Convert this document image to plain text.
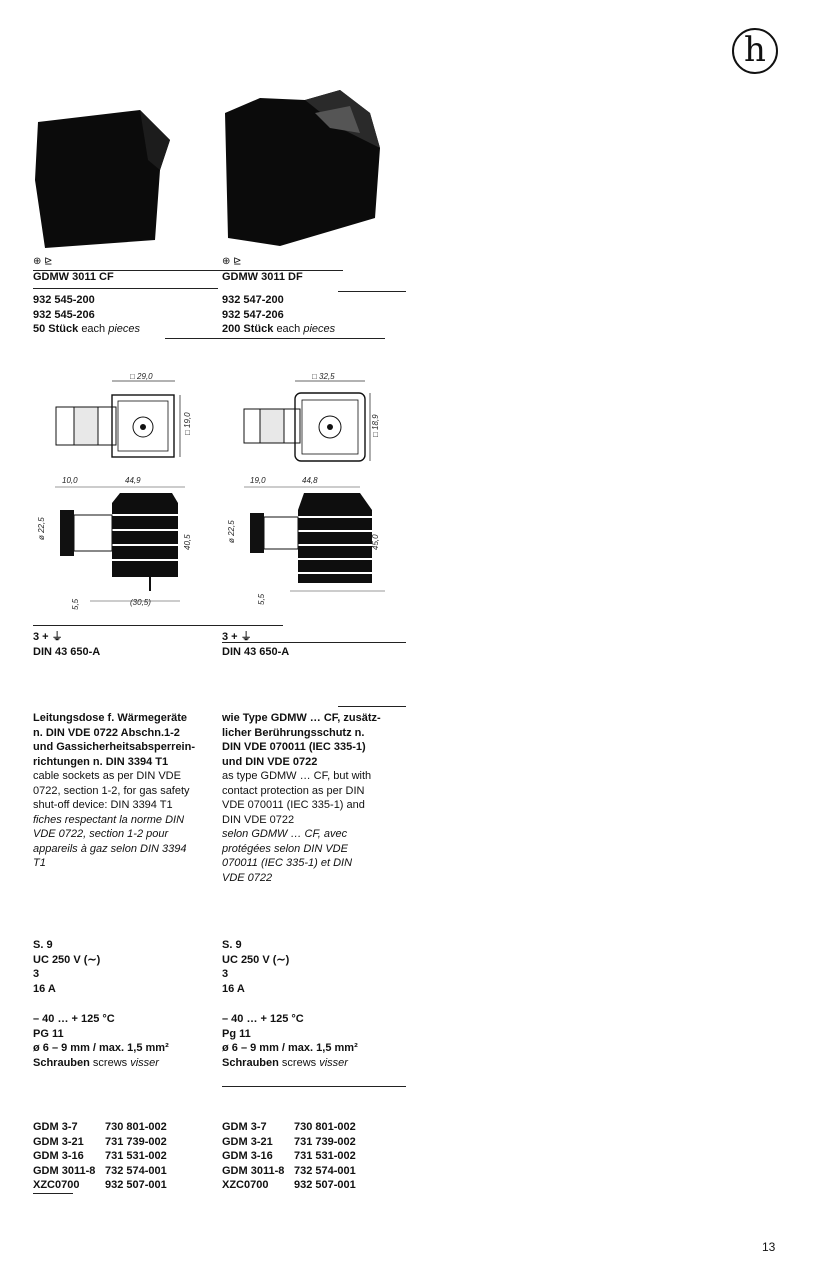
h
⊕ ⊵
GDMW 3011 CF
⊕ ⊵
GDMW 3011 DF
932 545-200
932 545-206
50 Stück each pieces
932 547-200
932 547-206
200 Stück each pieces
□ 29,0
□ 19,0
10,0	44,9
ø 22,5
40,5
5,5	(30,5)
□ 32,5
□ 18,9
19,0	44,8
ø 22,5	45,0
5,5
3 + ⏚
DIN 43 650-A
3 + ⏚
DIN 43 650-A
Leitungsdose f. Wärmegeräte
n. DIN VDE 0722 Abschn.1-2
und Gassicherheitsabsperrein-
richtungen n. DIN 3394 T1
cable sockets as per DIN VDE
0722, section 1-2, for gas safety
shut-off device: DIN 3394 T1
fiches respectant la norme DIN
VDE 0722, section 1-2 pour
appareils à gaz selon DIN 3394
T1
wie Type GDMW … CF, zusätz-
licher Berührungsschutz n.
DIN VDE 070011 (IEC 335-1)
und DIN VDE 0722
as type GDMW … CF, but with
contact protection as per DIN
VDE 070011 (IEC 335-1) and
DIN VDE 0722
selon GDMW … CF, avec
protégées selon DIN VDE
070011 (IEC 335-1) et DIN
VDE 0722
S. 9
UC 250 V (∼)
3
16 A
S. 9
UC 250 V (∼)
3
16 A
– 40 … + 125 °C
PG 11
ø 6 – 9 mm / max. 1,5 mm²
Schrauben screws visser
– 40 … + 125 °C
Pg 11
ø 6 – 9 mm / max. 1,5 mm²
Schrauben screws visser
GDM 3-7 730 801-002
GDM 3-21 731 739-002
GDM 3-16 731 531-002
GDM 3011-8 732 574-001
XZC0700 932 507-001
GDM 3-7 730 801-002
GDM 3-21 731 739-002
GDM 3-16 731 531-002
GDM 3011-8 732 574-001
XZC0700 932 507-001
13
